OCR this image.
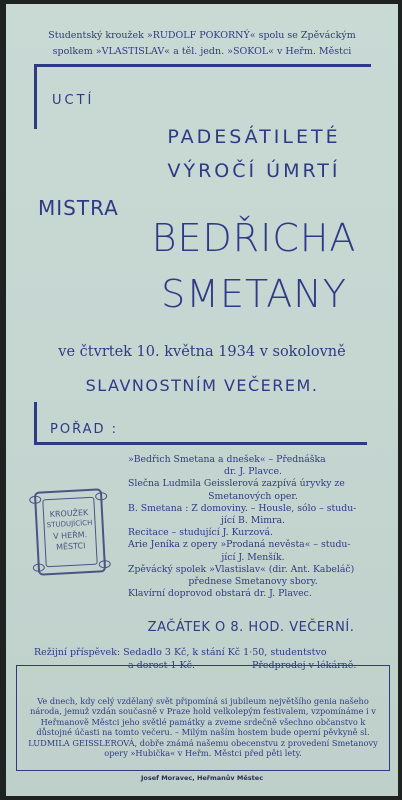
Studentský kroužek »RUDOLF POKORNÝ« spolu se Zpěváckým
spolkem »VLASTISLAV« a těl. jedn. »SOKOL« v Heřm. Městci
UCTÍ
PADESÁTILETÉ
VÝROČÍ ÚMRTÍ
MISTRA
BEDŘICHA
SMETANY
ve čtvrtek 10. května 1934 v sokolovně
SLAVNOSTNÍM VEČEREM.
POŘAD :
»Bedřich Smetana a dnešek« – Přednáška
dr. J. Plavce.
Slečna Ludmila Geisslerová zazpívá úryvky ze
Smetanových oper.
B. Smetana : Z domoviny. – Housle, sólo – studu-
jící B. Mimra.
Recitace – studující J. Kurzová.
Arie Jeníka z opery »Prodaná nevěsta« – studu-
jící J. Menšík.
Zpěvácký spolek »Vlastislav« (dir. Ant. Kabeláč)
přednese Smetanovy sbory.
Klavírní doprovod obstará dr. J. Plavec.
KROUŽEK
STUDUJÍCÍCH
V HEŘM.
MĚSTCI
ZAČÁTEK O 8. HOD. VEČERNÍ.
Režijní příspěvek: Sedadlo 3 Kč, k stání Kč 1·50, studentstvo
a dorost 1 Kč.	Předprodej v lékárně.
Ve dnech, kdy celý vzdělaný svět připomíná si jubileum největšího genia našeho národa, jemuž vzdán současně v Praze hold velkolepým festivalem, vzpomínáme i v Heřmanově Městci jeho světlé památky a zveme srdečně všechno občanstvo k důstojné účasti na tomto večeru. – Milým naším hostem bude operní pěvkyně sl. LUDMILA GEISSLEROVÁ, dobře známá našemu obecenstvu z provedení Smetanovy opery »Hubička« v Heřm. Městci před pěti lety.
Josef Moravec, Heřmanův Městec
